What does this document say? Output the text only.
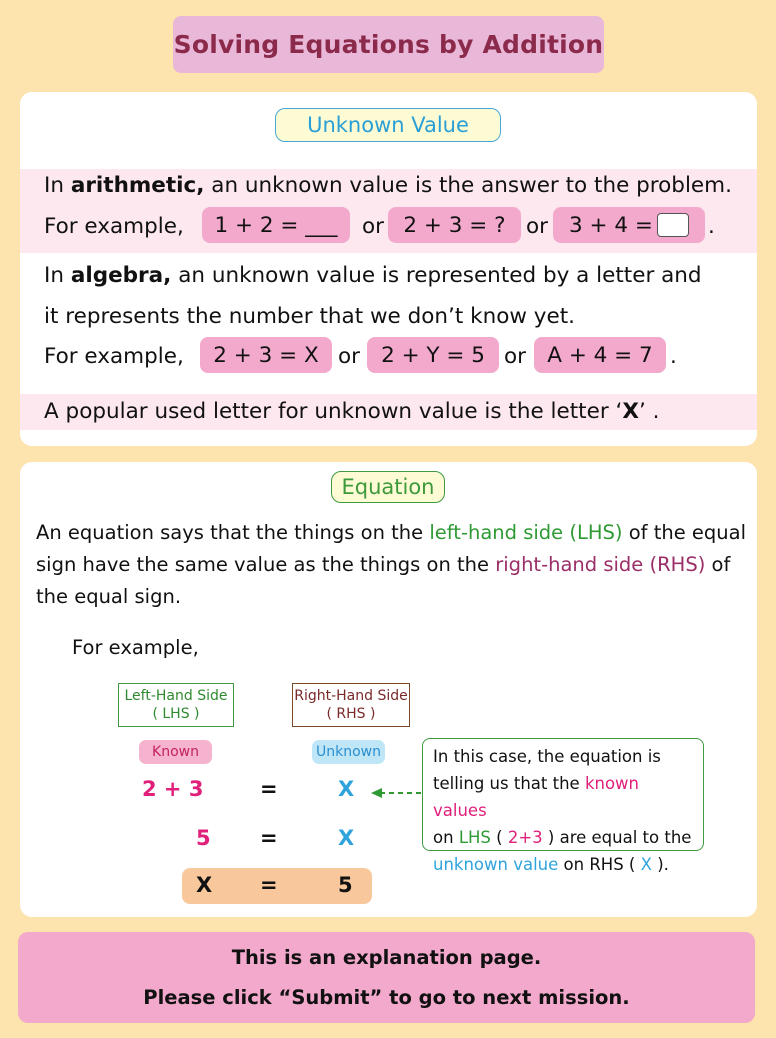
Solving Equations by Addition
Unknown Value
In arithmetic, an unknown value is the answer to the problem.
For example,	1 + 2 = ___	or 2 + 3 = ? or 3 + 4 =	.
In algebra, an unknown value is represented by a letter and
it represents the number that we don’t know yet.
For example,	2 + 3 = X or 2 + Y = 5 or A + 4 = 7 .
A popular used letter for unknown value is the letter ‘X’ .
Equation
An equation says that the things on the left-hand side (LHS) of the equal
sign have the same value as the things on the right-hand side (RHS) of
the equal sign.
For example,
Left-Hand Side
( LHS )
Right-Hand Side
( RHS )
Known	Unknown
2 + 3	=	X
5 =	X
X =	5
In this case, the equation is
telling us that the known values
on LHS ( 2+3 ) are equal to the
unknown value on RHS ( X ).
This is an explanation page.
Please click “Submit” to go to next mission.
